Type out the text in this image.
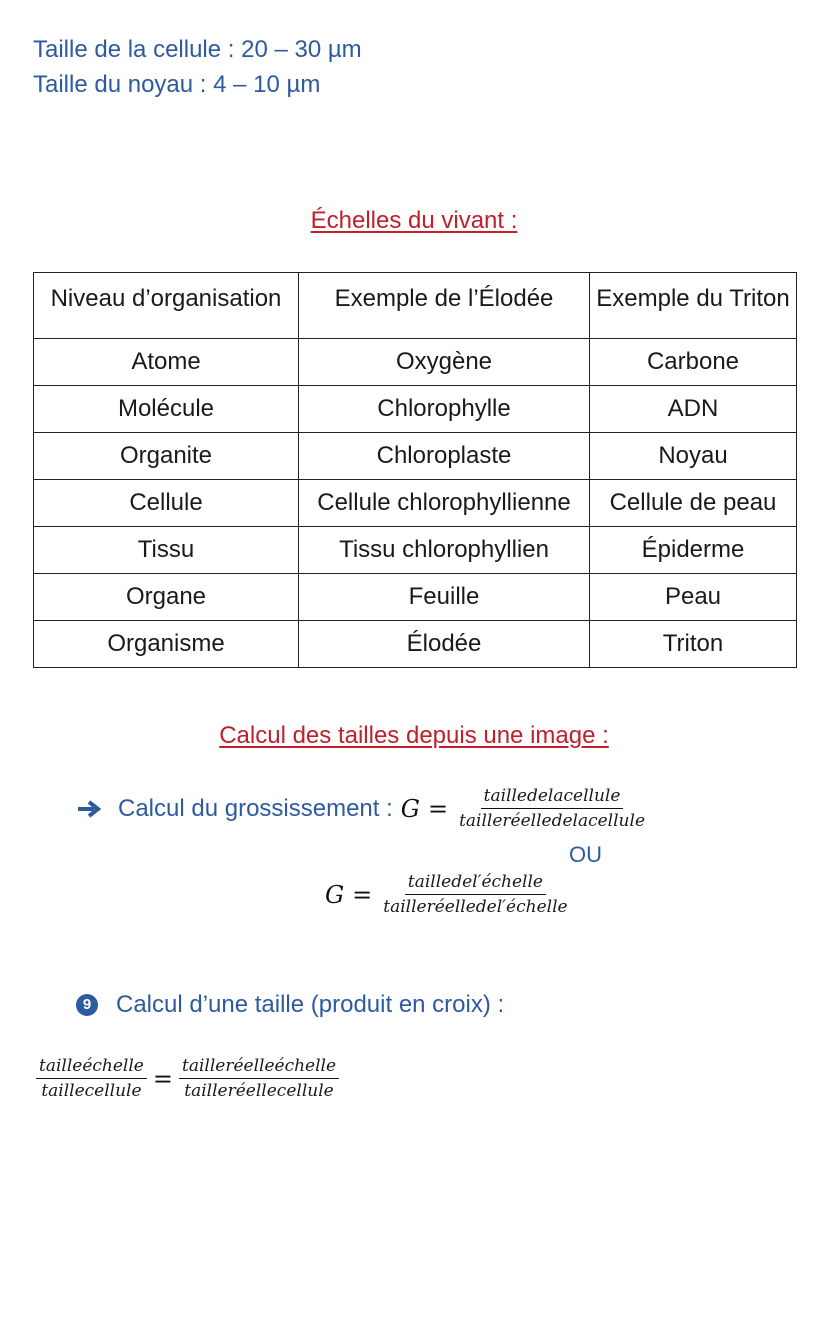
Taille de la cellule : 20 – 30 µm
Taille du noyau : 4 – 10 µm
Échelles du vivant :
Niveau d’organisation	Exemple de l’Élodée	Exemple du Triton
Atome	Oxygène	Carbone
Molécule	Chlorophylle	ADN
Organite	Chloroplaste	Noyau
Cellule	Cellule chlorophyllienne	Cellule de peau
Tissu	Tissu chlorophyllien	Épiderme
Organe	Feuille	Peau
Organisme	Élodée	Triton
Calcul des tailles depuis une image :
Calcul du grossissement : $G = \frac{\text{tailledelacellule}}{\text{tailleréelledelacellule}}$
OU
$G = \frac{\text{tailledel′échelle}}{\text{tailleréelledel′échelle}}$
9 Calcul d’une taille (produit en croix) :
$\frac{\text{tailleéchelle}}{\text{taillecellule}} = \frac{\text{tailleréelleéchelle}}{\text{tailleréellecellule}}$
